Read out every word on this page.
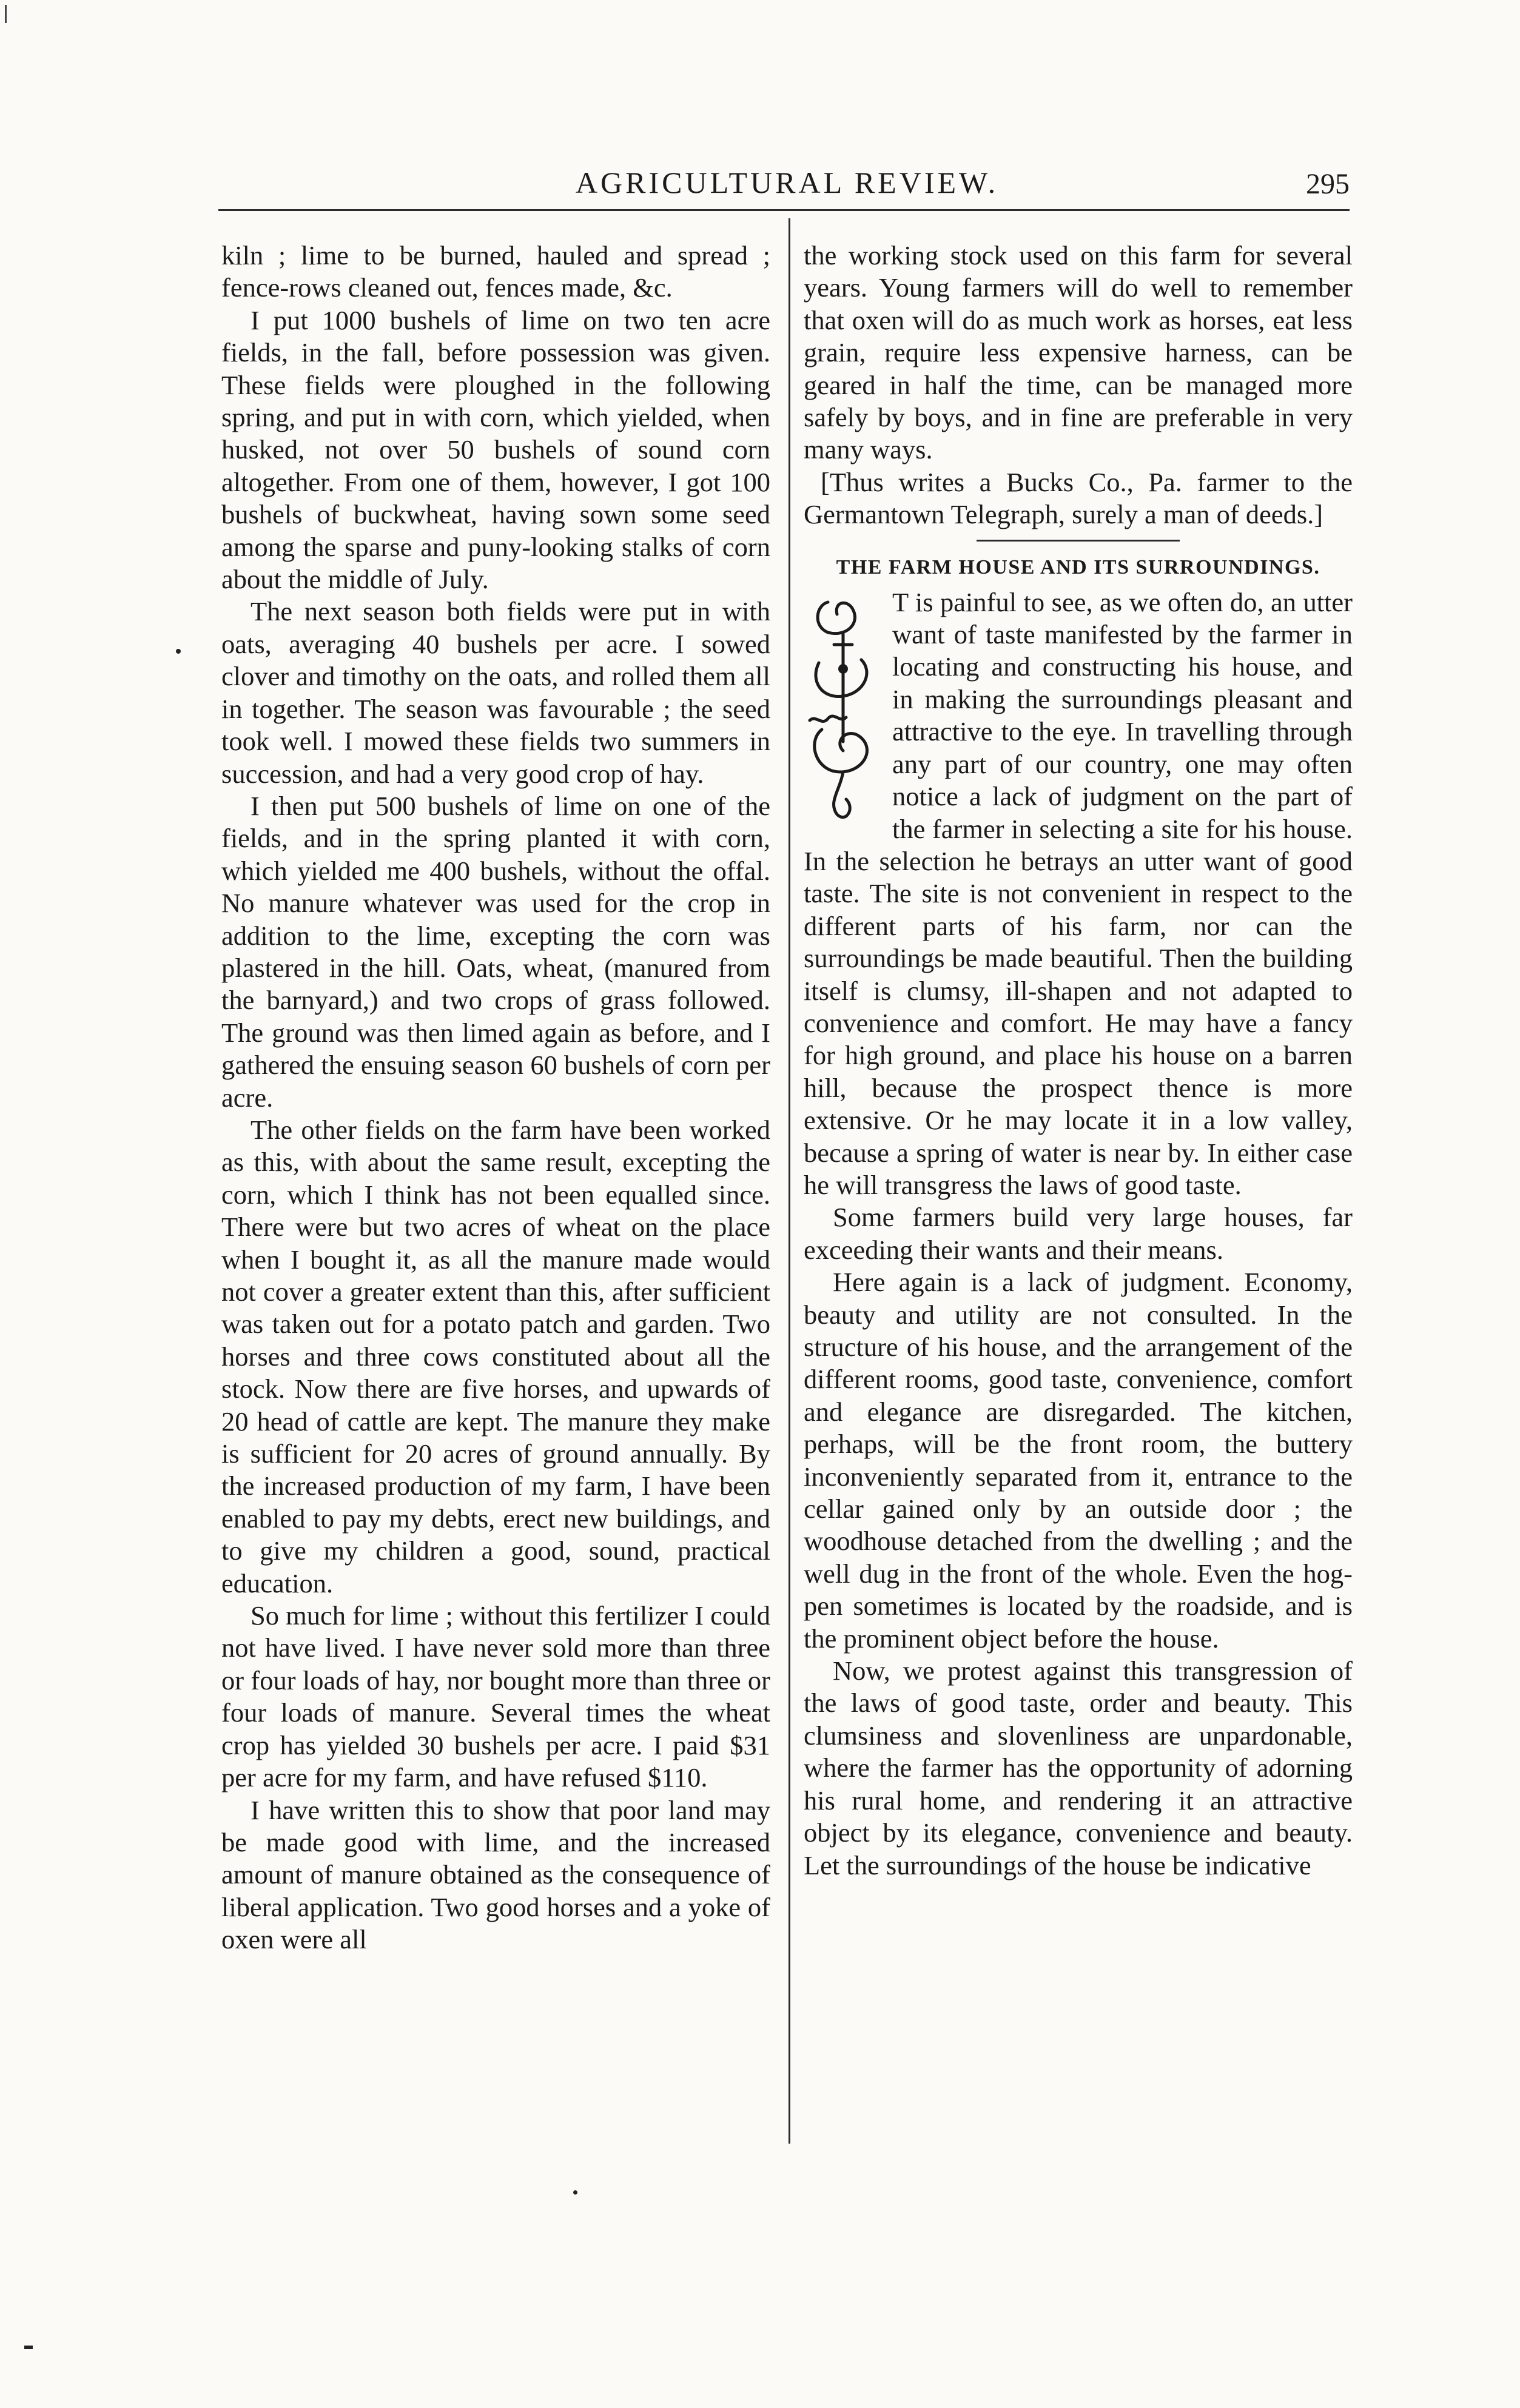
AGRICULTURAL REVIEW.	295

kiln ; lime to be burned, hauled and spread ; fence-rows cleaned out, fences made, &c.

I put 1000 bushels of lime on two ten acre fields, in the fall, before possession was given. These fields were ploughed in the following spring, and put in with corn, which yielded, when husked, not over 50 bushels of sound corn altogether. From one of them, however, I got 100 bushels of buckwheat, having sown some seed among the sparse and puny-looking stalks of corn about the middle of July.

The next season both fields were put in with oats, averaging 40 bushels per acre. I sowed clover and timothy on the oats, and rolled them all in together. The season was favourable ; the seed took well. I mowed these fields two summers in succession, and had a very good crop of hay.

I then put 500 bushels of lime on one of the fields, and in the spring planted it with corn, which yielded me 400 bushels, without the offal. No manure whatever was used for the crop in addition to the lime, excepting the corn was plastered in the hill. Oats, wheat, (manured from the barnyard,) and two crops of grass followed. The ground was then limed again as before, and I gathered the ensuing season 60 bushels of corn per acre.

The other fields on the farm have been worked as this, with about the same result, excepting the corn, which I think has not been equalled since. There were but two acres of wheat on the place when I bought it, as all the manure made would not cover a greater extent than this, after sufficient was taken out for a potato patch and garden. Two horses and three cows constituted about all the stock. Now there are five horses, and upwards of 20 head of cattle are kept. The manure they make is sufficient for 20 acres of ground annually. By the increased production of my farm, I have been enabled to pay my debts, erect new buildings, and to give my children a good, sound, practical education.

So much for lime ; without this fertilizer I could not have lived. I have never sold more than three or four loads of hay, nor bought more than three or four loads of manure. Several times the wheat crop has yielded 30 bushels per acre. I paid $31 per acre for my farm, and have refused $110.

I have written this to show that poor land may be made good with lime, and the increased amount of manure obtained as the consequence of liberal application. Two good horses and a yoke of oxen were all

the working stock used on this farm for several years. Young farmers will do well to remember that oxen will do as much work as horses, eat less grain, require less expensive harness, can be geared in half the time, can be managed more safely by boys, and in fine are preferable in very many ways.

[Thus writes a Bucks Co., Pa. farmer to the Germantown Telegraph, surely a man of deeds.]

THE FARM HOUSE AND ITS SURROUNDINGS.

T is painful to see, as we often do, an utter want of taste manifested by the farmer in locating and constructing his house, and in making the surroundings pleasant and attractive to the eye. In travelling through any part of our country, one may often notice a lack of judgment on the part of the farmer in selecting a site for his house. In the selection he betrays an utter want of good taste. The site is not convenient in respect to the different parts of his farm, nor can the surroundings be made beautiful. Then the building itself is clumsy, ill-shapen and not adapted to convenience and comfort. He may have a fancy for high ground, and place his house on a barren hill, because the prospect thence is more extensive. Or he may locate it in a low valley, because a spring of water is near by. In either case he will transgress the laws of good taste.

Some farmers build very large houses, far exceeding their wants and their means.

Here again is a lack of judgment. Economy, beauty and utility are not consulted. In the structure of his house, and the arrangement of the different rooms, good taste, convenience, comfort and elegance are disregarded. The kitchen, perhaps, will be the front room, the buttery inconveniently separated from it, entrance to the cellar gained only by an outside door ; the woodhouse detached from the dwelling ; and the well dug in the front of the whole. Even the hog-pen sometimes is located by the roadside, and is the prominent object before the house.

Now, we protest against this transgression of the laws of good taste, order and beauty. This clumsiness and slovenliness are unpardonable, where the farmer has the opportunity of adorning his rural home, and rendering it an attractive object by its elegance, convenience and beauty. Let the surroundings of the house be indicative
